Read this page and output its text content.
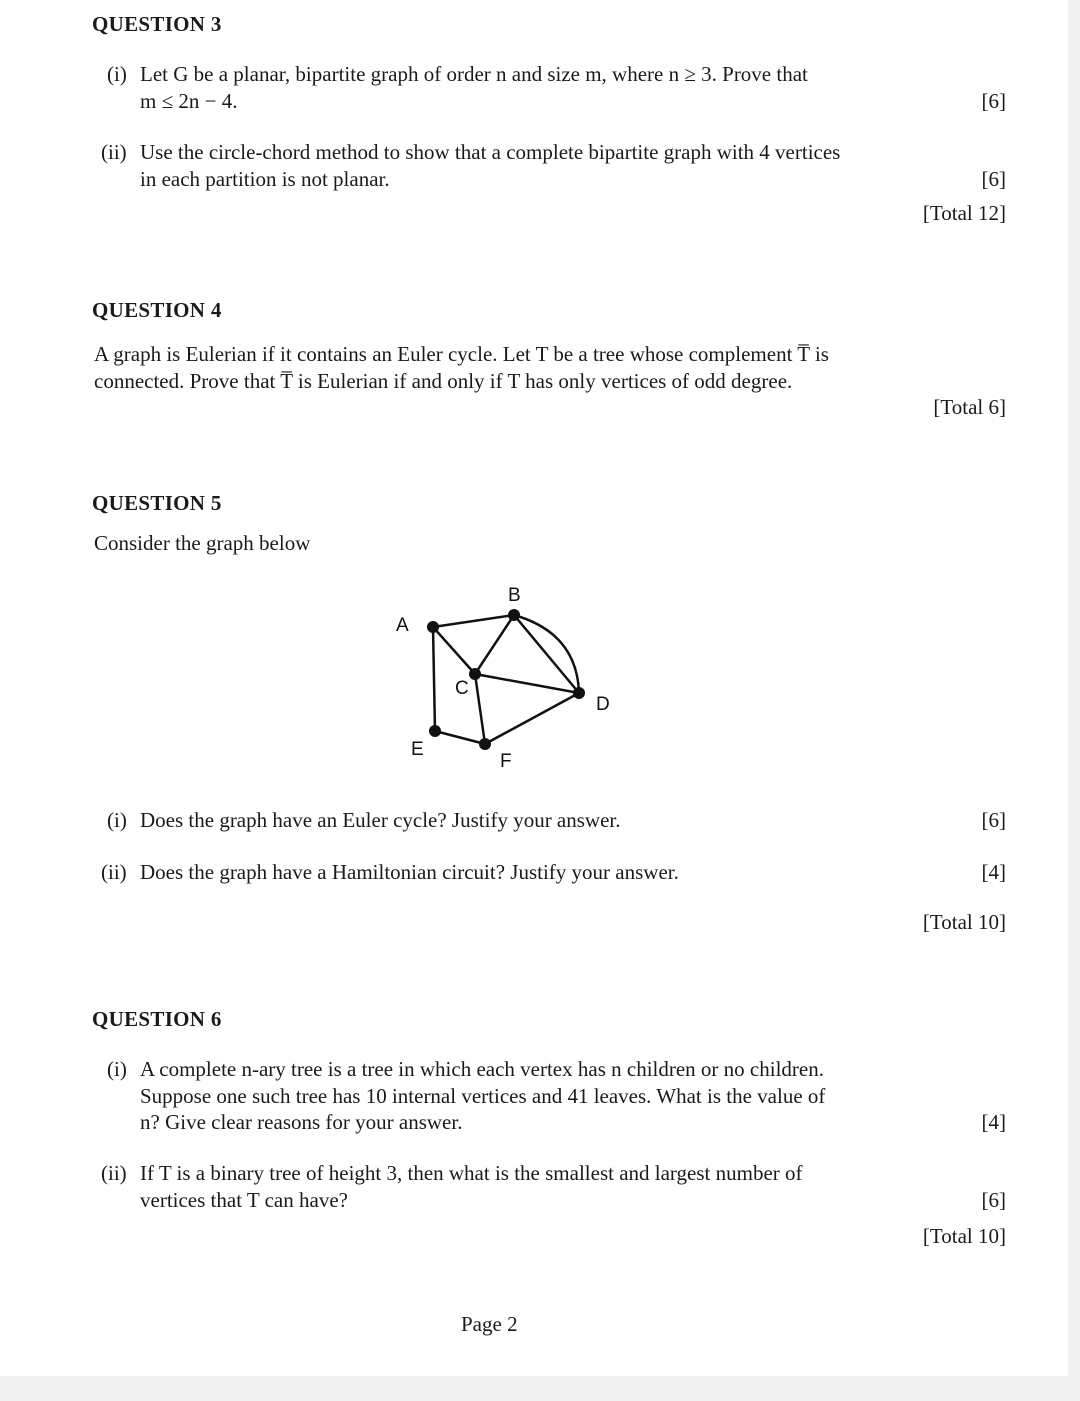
QUESTION 3
(i) Let G be a planar, bipartite graph of order n and size m, where n ≥ 3. Prove that
m ≤ 2n − 4.	[6]
(ii) Use the circle-chord method to show that a complete bipartite graph with 4 vertices
in each partition is not planar.	[6]
[Total 12]
QUESTION 4
A graph is Eulerian if it contains an Euler cycle. Let T be a tree whose complement T̅ is
connected. Prove that T̅ is Eulerian if and only if T has only vertices of odd degree.
[Total 6]
QUESTION 5
Consider the graph below
A
B
C
D
E
F
(i) Does the graph have an Euler cycle? Justify your answer.	[6]
(ii) Does the graph have a Hamiltonian circuit? Justify your answer.	[4]
[Total 10]
QUESTION 6
(i) A complete n-ary tree is a tree in which each vertex has n children or no children.
Suppose one such tree has 10 internal vertices and 41 leaves. What is the value of
n? Give clear reasons for your answer.	[4]
(ii) If T is a binary tree of height 3, then what is the smallest and largest number of
vertices that T can have?	[6]
[Total 10]
Page 2
